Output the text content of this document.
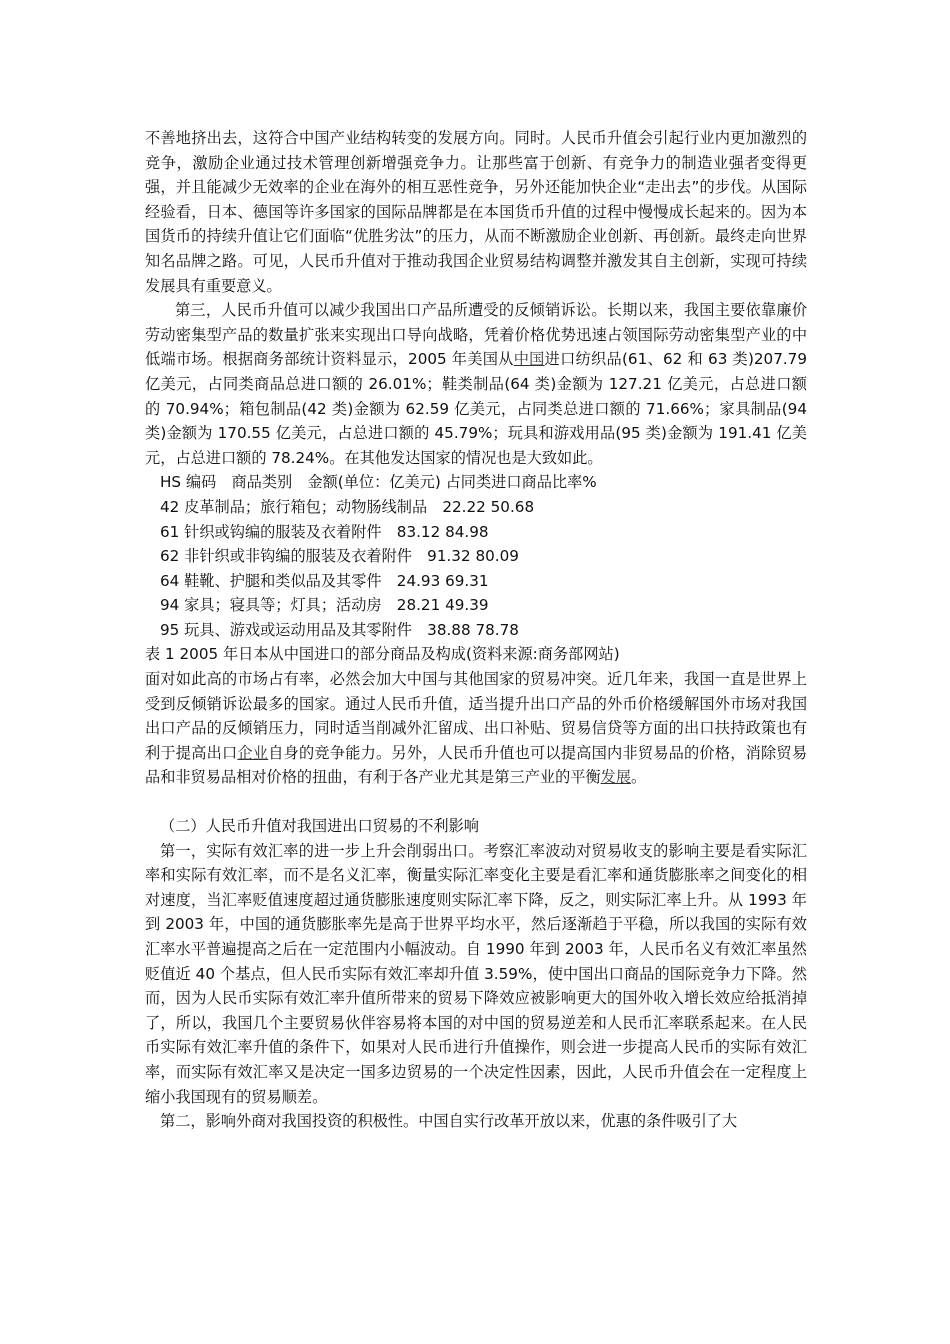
不善地挤出去，这符合中国产业结构转变的发展方向。同时。人民币升值会引起行业内更加激烈的竞争，激励企业通过技术管理创新增强竞争力。让那些富于创新、有竞争力的制造业强者变得更强，并且能减少无效率的企业在海外的相互恶性竞争，另外还能加快企业“走出去”的步伐。从国际经验看，日本、德国等许多国家的国际品牌都是在本国货币升值的过程中慢慢成长起来的。因为本国货币的持续升值让它们面临“优胜劣汰”的压力，从而不断激励企业创新、再创新。最终走向世界知名品牌之路。可见，人民币升值对于推动我国企业贸易结构调整并激发其自主创新，实现可持续发展具有重要意义。

第三，人民币升值可以减少我国出口产品所遭受的反倾销诉讼。长期以来，我国主要依靠廉价劳动密集型产品的数量扩张来实现出口导向战略，凭着价格优势迅速占领国际劳动密集型产业的中低端市场。根据商务部统计资料显示，2005 年美国从中国进口纺织品(61、62 和 63 类)207.79 亿美元，占同类商品总进口额的 26.01%；鞋类制品(64 类)金额为 127.21 亿美元，占总进口额的 70.94%；箱包制品(42 类)金额为 62.59 亿美元，占同类总进口额的 71.66%；家具制品(94 类)金额为 170.55 亿美元，占总进口额的 45.79%；玩具和游戏用品(95 类)金额为 191.41 亿美元，占总进口额的 78.24%。在其他发达国家的情况也是大致如此。

HS 编码　商品类别　金额(单位：亿美元) 占同类进口商品比率%

42 皮革制品；旅行箱包；动物肠线制品　22.22 50.68

61 针织或钩编的服装及衣着附件　83.12 84.98

62 非针织或非钩编的服装及衣着附件　91.32 80.09

64 鞋靴、护腿和类似品及其零件　24.93 69.31

94 家具；寝具等；灯具；活动房　28.21 49.39

95 玩具、游戏或运动用品及其零附件　38.88 78.78

表 1 2005 年日本从中国进口的部分商品及构成(资料来源:商务部网站)

面对如此高的市场占有率，必然会加大中国与其他国家的贸易冲突。近几年来，我国一直是世界上受到反倾销诉讼最多的国家。通过人民币升值，适当提升出口产品的外币价格缓解国外市场对我国出口产品的反倾销压力，同时适当削减外汇留成、出口补贴、贸易信贷等方面的出口扶持政策也有利于提高出口企业自身的竞争能力。另外，人民币升值也可以提高国内非贸易品的价格，消除贸易品和非贸易品相对价格的扭曲，有利于各产业尤其是第三产业的平衡发展。

（二）人民币升值对我国进出口贸易的不利影响

第一，实际有效汇率的进一步上升会削弱出口。考察汇率波动对贸易收支的影响主要是看实际汇率和实际有效汇率，而不是名义汇率，衡量实际汇率变化主要是看汇率和通货膨胀率之间变化的相对速度，当汇率贬值速度超过通货膨胀速度则实际汇率下降，反之，则实际汇率上升。从 1993 年到 2003 年，中国的通货膨胀率先是高于世界平均水平，然后逐渐趋于平稳，所以我国的实际有效汇率水平普遍提高之后在一定范围内小幅波动。自 1990 年到 2003 年，人民币名义有效汇率虽然贬值近 40 个基点，但人民币实际有效汇率却升值 3.59%，使中国出口商品的国际竞争力下降。然而，因为人民币实际有效汇率升值所带来的贸易下降效应被影响更大的国外收入增长效应给抵消掉了，所以，我国几个主要贸易伙伴容易将本国的对中国的贸易逆差和人民币汇率联系起来。在人民币实际有效汇率升值的条件下，如果对人民币进行升值操作，则会进一步提高人民币的实际有效汇率，而实际有效汇率又是决定一国多边贸易的一个决定性因素，因此，人民币升值会在一定程度上缩小我国现有的贸易顺差。

第二，影响外商对我国投资的积极性。中国自实行改革开放以来，优惠的条件吸引了大
